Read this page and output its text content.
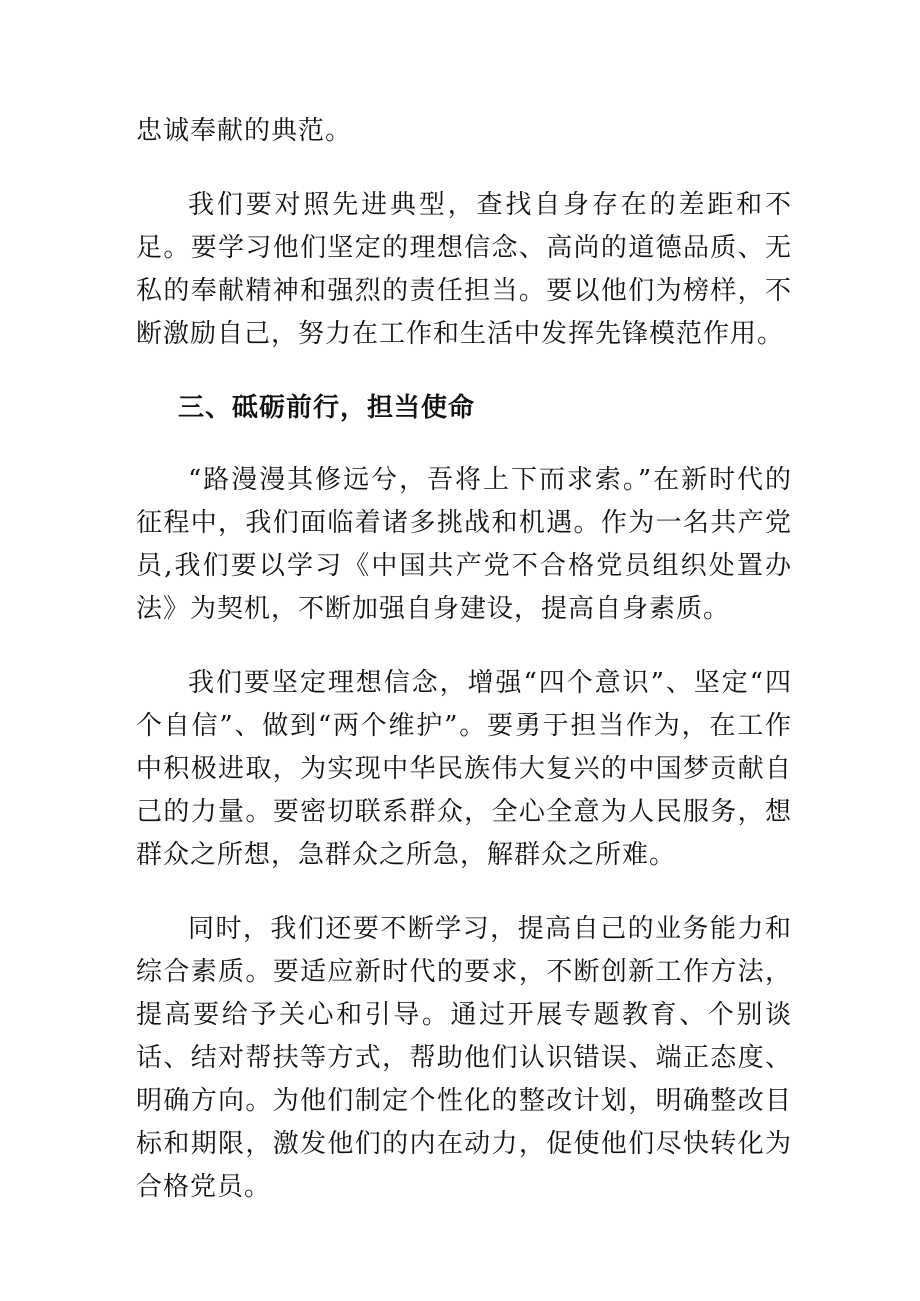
忠诚奉献的典范。

我们要对照先进典型，查找自身存在的差距和不足。要学习他们坚定的理想信念、高尚的道德品质、无私的奉献精神和强烈的责任担当。要以他们为榜样，不断激励自己，努力在工作和生活中发挥先锋模范作用。

三、砥砺前行，担当使命

“路漫漫其修远兮，吾将上下而求索。”在新时代的征程中，我们面临着诸多挑战和机遇。作为一名共产党员,我们要以学习《中国共产党不合格党员组织处置办法》为契机，不断加强自身建设，提高自身素质。

我们要坚定理想信念，增强“四个意识”、坚定“四个自信”、做到“两个维护”。要勇于担当作为，在工作中积极进取，为实现中华民族伟大复兴的中国梦贡献自己的力量。要密切联系群众，全心全意为人民服务，想群众之所想，急群众之所急，解群众之所难。

同时，我们还要不断学习，提高自己的业务能力和综合素质。要适应新时代的要求，不断创新工作方法，提高要给予关心和引导。通过开展专题教育、个别谈话、结对帮扶等方式，帮助他们认识错误、端正态度、明确方向。为他们制定个性化的整改计划，明确整改目标和期限，激发他们的内在动力，促使他们尽快转化为合格党员。
